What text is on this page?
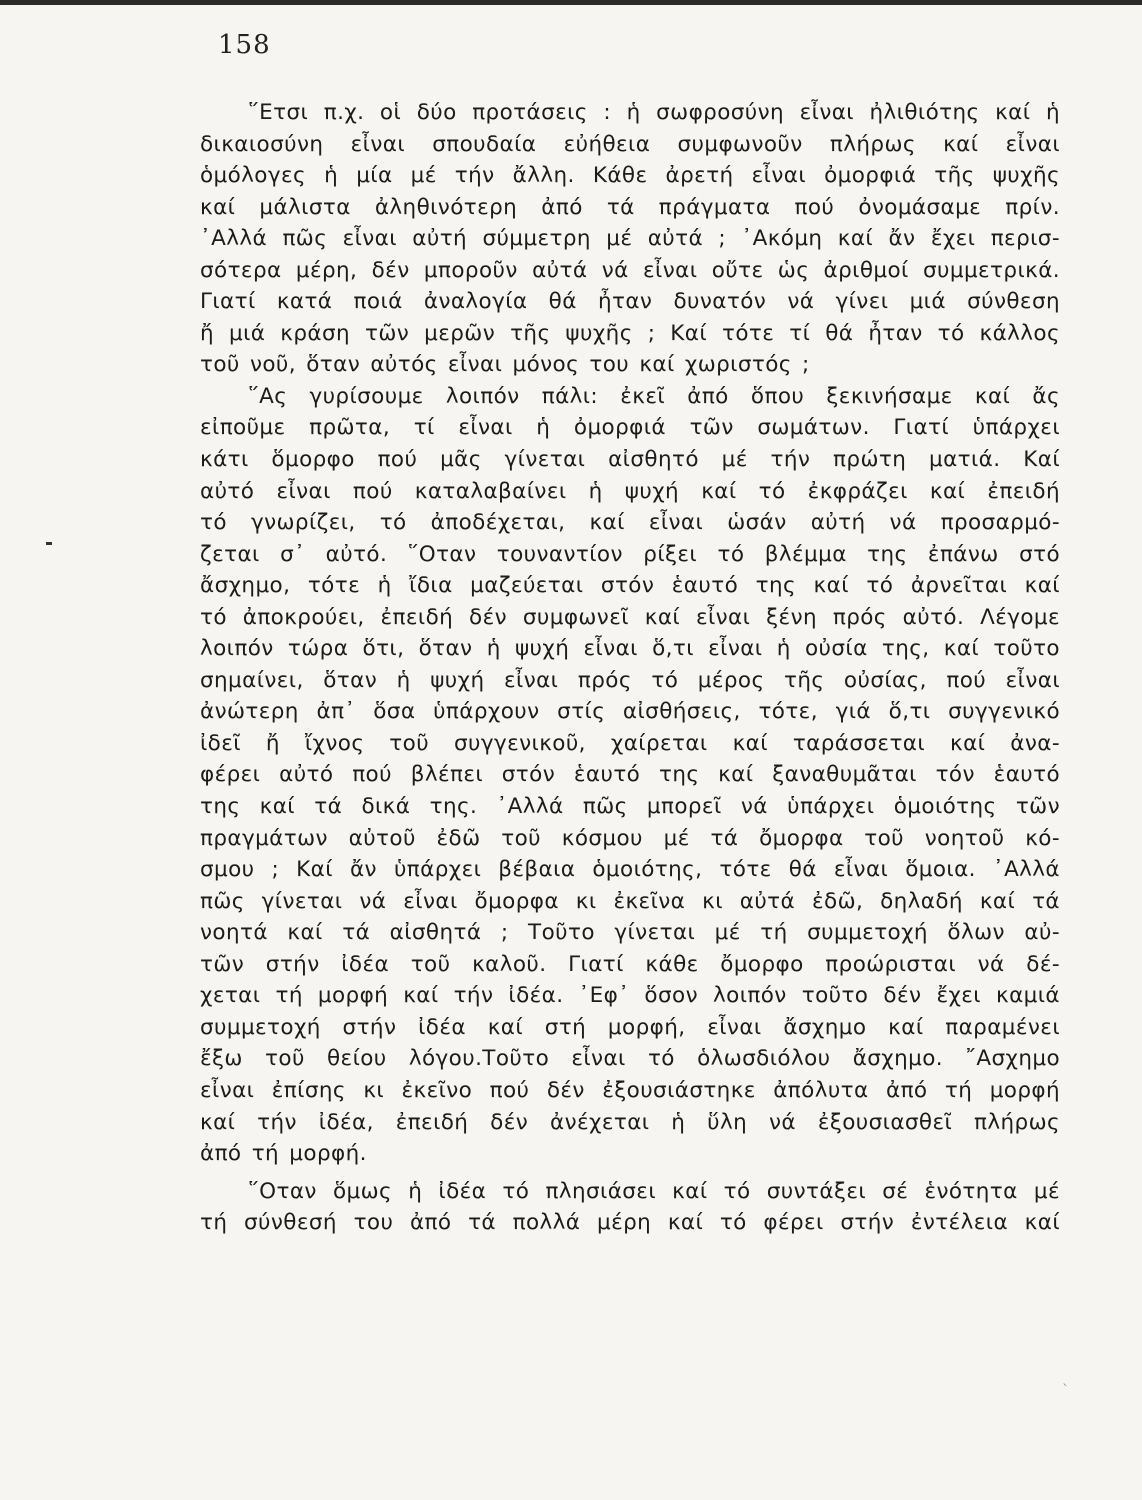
158
῞Ετσι π.χ. οἱ δύο προτάσεις : ἡ σωφροσύνη εἶναι ἠλιθιότης καί ἡ
δικαιοσύνη εἶναι σπουδαία εὐήθεια συμφωνοῦν πλήρως καί εἶναι
ὁμόλογες ἡ μία μέ τήν ἄλλη. Κάθε ἀρετή εἶναι ὀμορφιά τῆς ψυχῆς
καί μάλιστα ἀληθινότερη ἀπό τά πράγματα πού ὀνομάσαμε πρίν.
᾿Αλλά πῶς εἶναι αὐτή σύμμετρη μέ αὐτά ; ᾿Ακόμη καί ἄν ἔχει περισ-
σότερα μέρη, δέν μποροῦν αὐτά νά εἶναι οὔτε ὡς ἀριθμοί συμμετρικά.
Γιατί κατά ποιά ἀναλογία θά ἦταν δυνατόν νά γίνει μιά σύνθεση
ἤ μιά κράση τῶν μερῶν τῆς ψυχῆς ; Καί τότε τί θά ἦταν τό κάλλος
τοῦ νοῦ, ὅταν αὐτός εἶναι μόνος του καί χωριστός ;
῞Ας γυρίσουμε λοιπόν πάλι: ἐκεῖ ἀπό ὅπου ξεκινήσαμε καί ἄς
εἰποῦμε πρῶτα, τί εἶναι ἡ ὀμορφιά τῶν σωμάτων. Γιατί ὑπάρχει
κάτι ὅμορφο πού μᾶς γίνεται αἰσθητό μέ τήν πρώτη ματιά. Καί
αὐτό εἶναι πού καταλαβαίνει ἡ ψυχή καί τό ἐκφράζει καί ἐπειδή
τό γνωρίζει, τό ἀποδέχεται, καί εἶναι ὡσάν αὐτή νά προσαρμό-
ζεται σ᾿ αὐτό. ῞Οταν τουναντίον ρίξει τό βλέμμα της ἐπάνω στό
ἄσχημο, τότε ἡ ἴδια μαζεύεται στόν ἑαυτό της καί τό ἀρνεῖται καί
τό ἀποκρούει, ἐπειδή δέν συμφωνεῖ καί εἶναι ξένη πρός αὐτό. Λέγομε
λοιπόν τώρα ὅτι, ὅταν ἡ ψυχή εἶναι ὅ,τι εἶναι ἡ οὐσία της, καί τοῦτο
σημαίνει, ὅταν ἡ ψυχή εἶναι πρός τό μέρος τῆς οὐσίας, πού εἶναι
ἀνώτερη ἀπ᾿ ὅσα ὑπάρχουν στίς αἰσθήσεις, τότε, γιά ὅ,τι συγγενικό
ἰδεῖ ἤ ἴχνος τοῦ συγγενικοῦ, χαίρεται καί ταράσσεται καί ἀνα-
φέρει αὐτό πού βλέπει στόν ἑαυτό της καί ξαναθυμᾶται τόν ἑαυτό
της καί τά δικά της. ᾿Αλλά πῶς μπορεῖ νά ὑπάρχει ὁμοιότης τῶν
πραγμάτων αὐτοῦ ἐδῶ τοῦ κόσμου μέ τά ὄμορφα τοῦ νοητοῦ κό-
σμου ; Καί ἄν ὑπάρχει βέβαια ὁμοιότης, τότε θά εἶναι ὅμοια. ᾿Αλλά
πῶς γίνεται νά εἶναι ὄμορφα κι ἐκεῖνα κι αὐτά ἐδῶ, δηλαδή καί τά
νοητά καί τά αἰσθητά ; Τοῦτο γίνεται μέ τή συμμετοχή ὅλων αὐ-
τῶν στήν ἰδέα τοῦ καλοῦ. Γιατί κάθε ὄμορφο προώρισται νά δέ-
χεται τή μορφή καί τήν ἰδέα. ᾿Εφ᾿ ὅσον λοιπόν τοῦτο δέν ἔχει καμιά
συμμετοχή στήν ἰδέα καί στή μορφή, εἶναι ἄσχημο καί παραμένει
ἔξω τοῦ θείου λόγου.Τοῦτο εἶναι τό ὁλωσδιόλου ἄσχημο. ῎Ασχημο
εἶναι ἐπίσης κι ἐκεῖνο πού δέν ἐξουσιάστηκε ἀπόλυτα ἀπό τή μορφή
καί τήν ἰδέα, ἐπειδή δέν ἀνέχεται ἡ ὕλη νά ἐξουσιασθεῖ πλήρως
ἀπό τή μορφή.
῞Οταν ὅμως ἡ ἰδέα τό πλησιάσει καί τό συντάξει σέ ἑνότητα μέ
τή σύνθεσή του ἀπό τά πολλά μέρη καί τό φέρει στήν ἐντέλεια καί
`
